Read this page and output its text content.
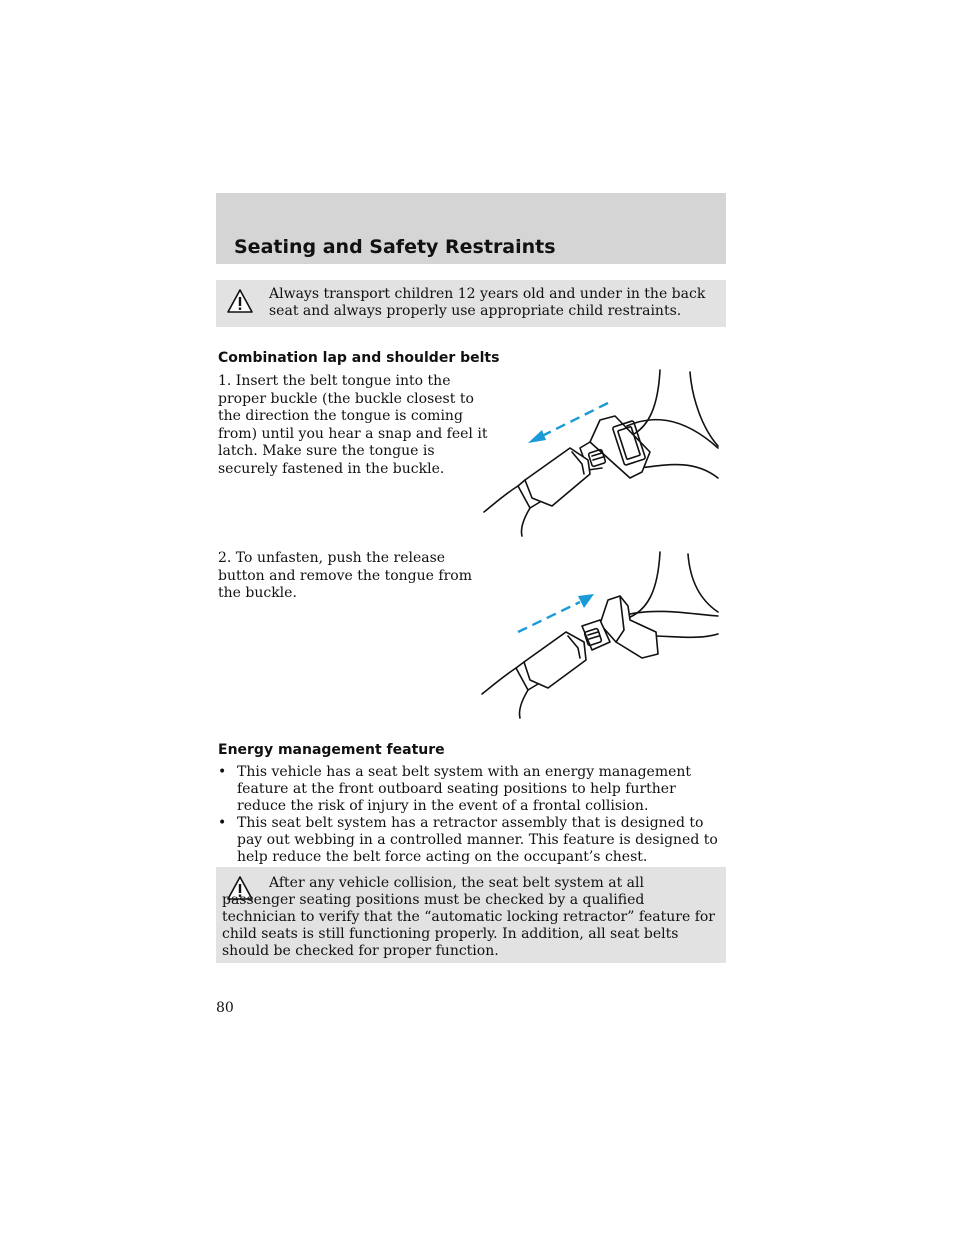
Seating and Safety Restraints
Always transport children 12 years old and under in the back seat and always properly use appropriate child restraints.
Combination lap and shoulder belts
1. Insert the belt tongue into the proper buckle (the buckle closest to the direction the tongue is coming from) until you hear a snap and feel it latch. Make sure the tongue is securely fastened in the buckle.
2. To unfasten, push the release button and remove the tongue from the buckle.
Energy management feature
• This vehicle has a seat belt system with an energy management feature at the front outboard seating positions to help further reduce the risk of injury in the event of a frontal collision.
• This seat belt system has a retractor assembly that is designed to pay out webbing in a controlled manner. This feature is designed to help reduce the belt force acting on the occupant’s chest.
After any vehicle collision, the seat belt system at all passenger seating positions must be checked by a qualified technician to verify that the “automatic locking retractor” feature for child seats is still functioning properly. In addition, all seat belts should be checked for proper function.
80
